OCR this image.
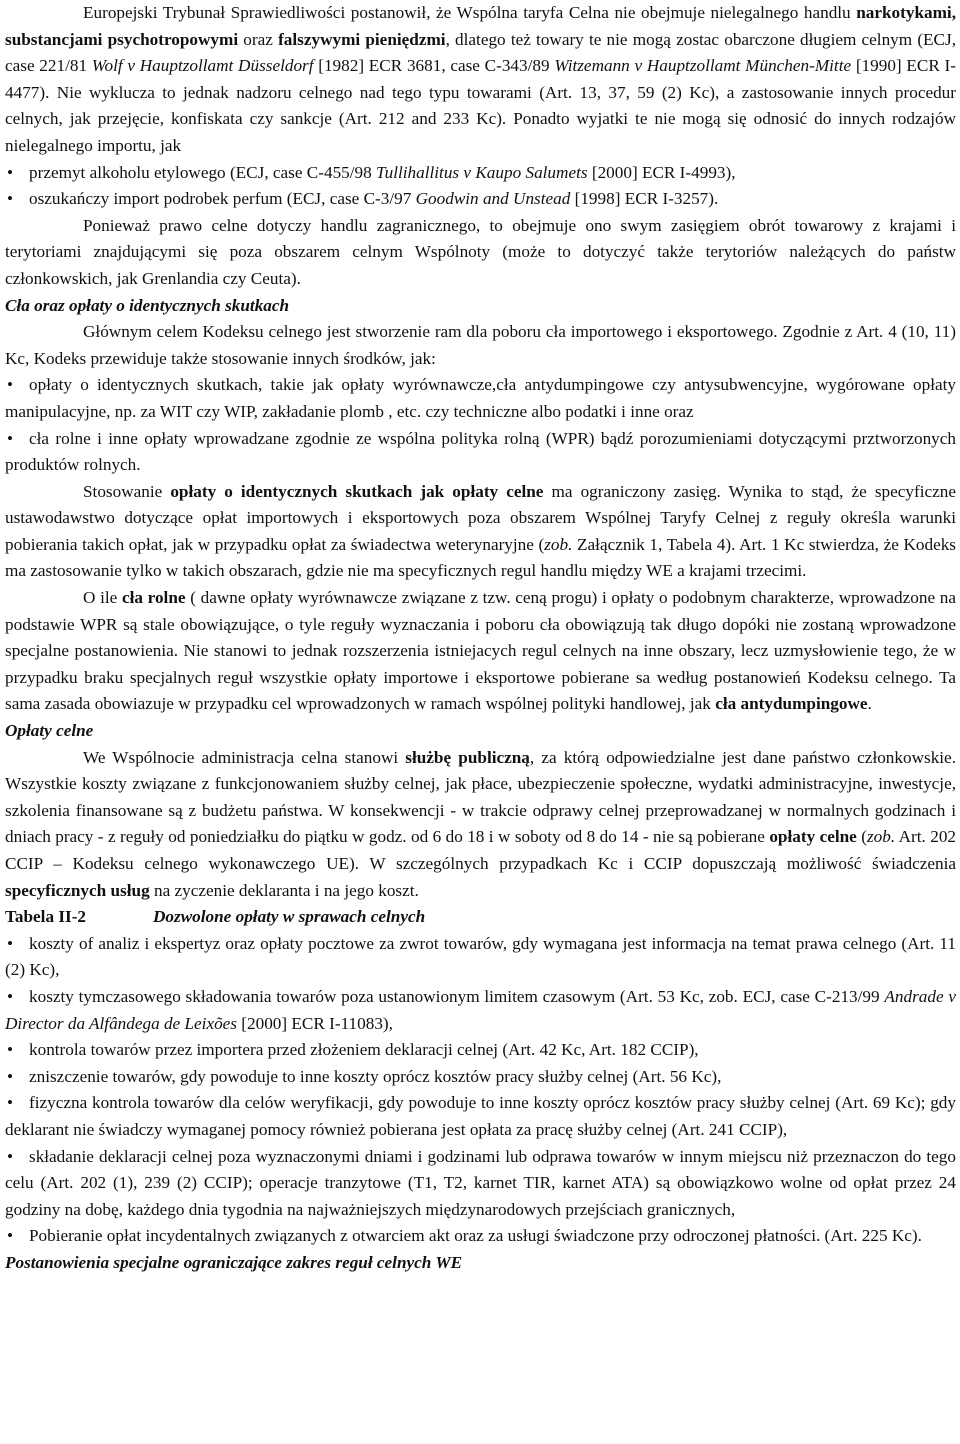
Europejski Trybunał Sprawiedliwości postanowił, że Wspólna taryfa Celna nie obejmuje nielegalnego handlu narkotykami, substancjami psychotropowymi oraz falszywymi pieniędzmi, dlatego też towary te nie mogą zostac obarczone długiem celnym (ECJ, case 221/81 Wolf v Hauptzollamt Düsseldorf [1982] ECR 3681, case C-343/89 Witzemann v Hauptzollamt München-Mitte [1990] ECR I-4477). Nie wyklucza to jednak nadzoru celnego nad tego typu towarami (Art. 13, 37, 59 (2) Kc), a zastosowanie innych procedur celnych, jak przejęcie, konfiskata czy sankcje (Art. 212 and 233 Kc). Ponadto wyjatki te nie mogą się odnosić do innych rodzajów nielegalnego importu, jak

•
przemyt alkoholu etylowego (ECJ, case C-455/98 Tullihallitus v Kaupo Salumets [2000] ECR I-4993),
•
oszukańczy import podrobek perfum (ECJ, case C-3/97 Goodwin and Unstead [1998] ECR I-3257).

Ponieważ prawo celne dotyczy handlu zagranicznego, to obejmuje ono swym zasięgiem obrót towarowy z krajami i terytoriami znajdującymi się poza obszarem celnym Wspólnoty (może to dotyczyć także terytoriów należących do państw członkowskich, jak Grenlandia czy Ceuta).

Cła oraz opłaty o identycznych skutkach

Głównym celem Kodeksu celnego jest stworzenie ram dla poboru cła importowego i eksportowego. Zgodnie z Art. 4 (10, 11) Kc, Kodeks przewiduje także stosowanie innych środków, jak:

•opłaty o identycznych skutkach, takie jak opłaty wyrównawcze,cła antydumpingowe czy antysubwencyjne, wygórowane opłaty manipulacyjne, np. za WIT czy WIP, zakładanie plomb , etc. czy techniczne albo podatki i inne oraz
•cła rolne i inne opłaty wprowadzane zgodnie ze wspólna polityka rolną (WPR) bądź porozumieniami dotyczącymi prztworzonych produktów rolnych.

Stosowanie opłaty o identycznych skutkach jak opłaty celne ma ograniczony zasięg. Wynika to stąd, że specyficzne ustawodawstwo dotyczące opłat importowych i eksportowych poza obszarem Wspólnej Taryfy Celnej z reguły określa warunki pobierania takich opłat, jak w przypadku opłat za świadectwa weterynaryjne (zob. Załącznik 1, Tabela 4). Art. 1 Kc stwierdza, że Kodeks ma zastosowanie tylko w takich obszarach, gdzie nie ma specyficznych regul handlu między WE a krajami trzecimi.

O ile cła rolne ( dawne opłaty wyrównawcze związane z tzw. ceną progu) i opłaty o podobnym charakterze, wprowadzone na podstawie WPR są stale obowiązujące, o tyle reguły wyznaczania i poboru cła obowiązują tak długo dopóki nie zostaną wprowadzone specjalne postanowienia. Nie stanowi to jednak rozszerzenia istniejacych regul celnych na inne obszary, lecz uzmysłowienie tego, że w przypadku braku specjalnych reguł wszystkie opłaty importowe i eksportowe pobierane sa według postanowień Kodeksu celnego. Ta sama zasada obowiazuje w przypadku cel wprowadzonych w ramach wspólnej polityki handlowej, jak cła antydumpingowe.

Opłaty celne

We Wspólnocie administracja celna stanowi służbę publiczną, za którą odpowiedzialne jest dane państwo członkowskie. Wszystkie koszty związane z funkcjonowaniem służby celnej, jak płace, ubezpieczenie społeczne, wydatki administracyjne, inwestycje, szkolenia finansowane są z budżetu państwa. W konsekwencji - w trakcie odprawy celnej przeprowadzanej w normalnych godzinach i dniach pracy - z reguły od poniedziałku do piątku w godz. od 6 do 18 i w soboty od 8 do 14 - nie są pobierane opłaty celne (zob. Art. 202 CCIP – Kodeksu celnego wykonawczego UE). W szczególnych przypadkach Kc i CCIP dopuszczają możliwość świadczenia specyficznych usług na zyczenie deklaranta i na jego koszt.

Tabela II-2	Dozwolone opłaty w sprawach celnych

•koszty of analiz i ekspertyz oraz opłaty pocztowe za zwrot towarów, gdy wymagana jest informacja na temat prawa celnego (Art. 11 (2) Kc),
•koszty tymczasowego składowania towarów poza ustanowionym limitem czasowym (Art. 53 Kc, zob. ECJ, case C-213/99 Andrade v Director da Alfândega de Leixões [2000] ECR I-11083),
•kontrola towarów przez importera przed złożeniem deklaracji celnej (Art. 42 Kc, Art. 182 CCIP),
•zniszczenie towarów, gdy powoduje to inne koszty oprócz kosztów pracy służby celnej (Art. 56 Kc),
•fizyczna kontrola towarów dla celów weryfikacji, gdy powoduje to inne koszty oprócz kosztów pracy służby celnej (Art. 69 Kc); gdy deklarant nie świadczy wymaganej pomocy również pobierana jest opłata za pracę służby celnej (Art. 241 CCIP),
•składanie deklaracji celnej poza wyznaczonymi dniami i godzinami lub odprawa towarów w innym miejscu niż przeznaczon do tego celu (Art. 202 (1), 239 (2) CCIP); operacje tranzytowe (T1, T2, karnet TIR, karnet ATA) są obowiązkowo wolne od opłat przez 24 godziny na dobę, każdego dnia tygodnia na najważniejszych międzynarodowych przejściach granicznych,
•Pobieranie opłat incydentalnych związanych z otwarciem akt oraz za usługi świadczone przy odroczonej płatności. (Art. 225 Kc).

Postanowienia specjalne ograniczające zakres reguł celnych WE
